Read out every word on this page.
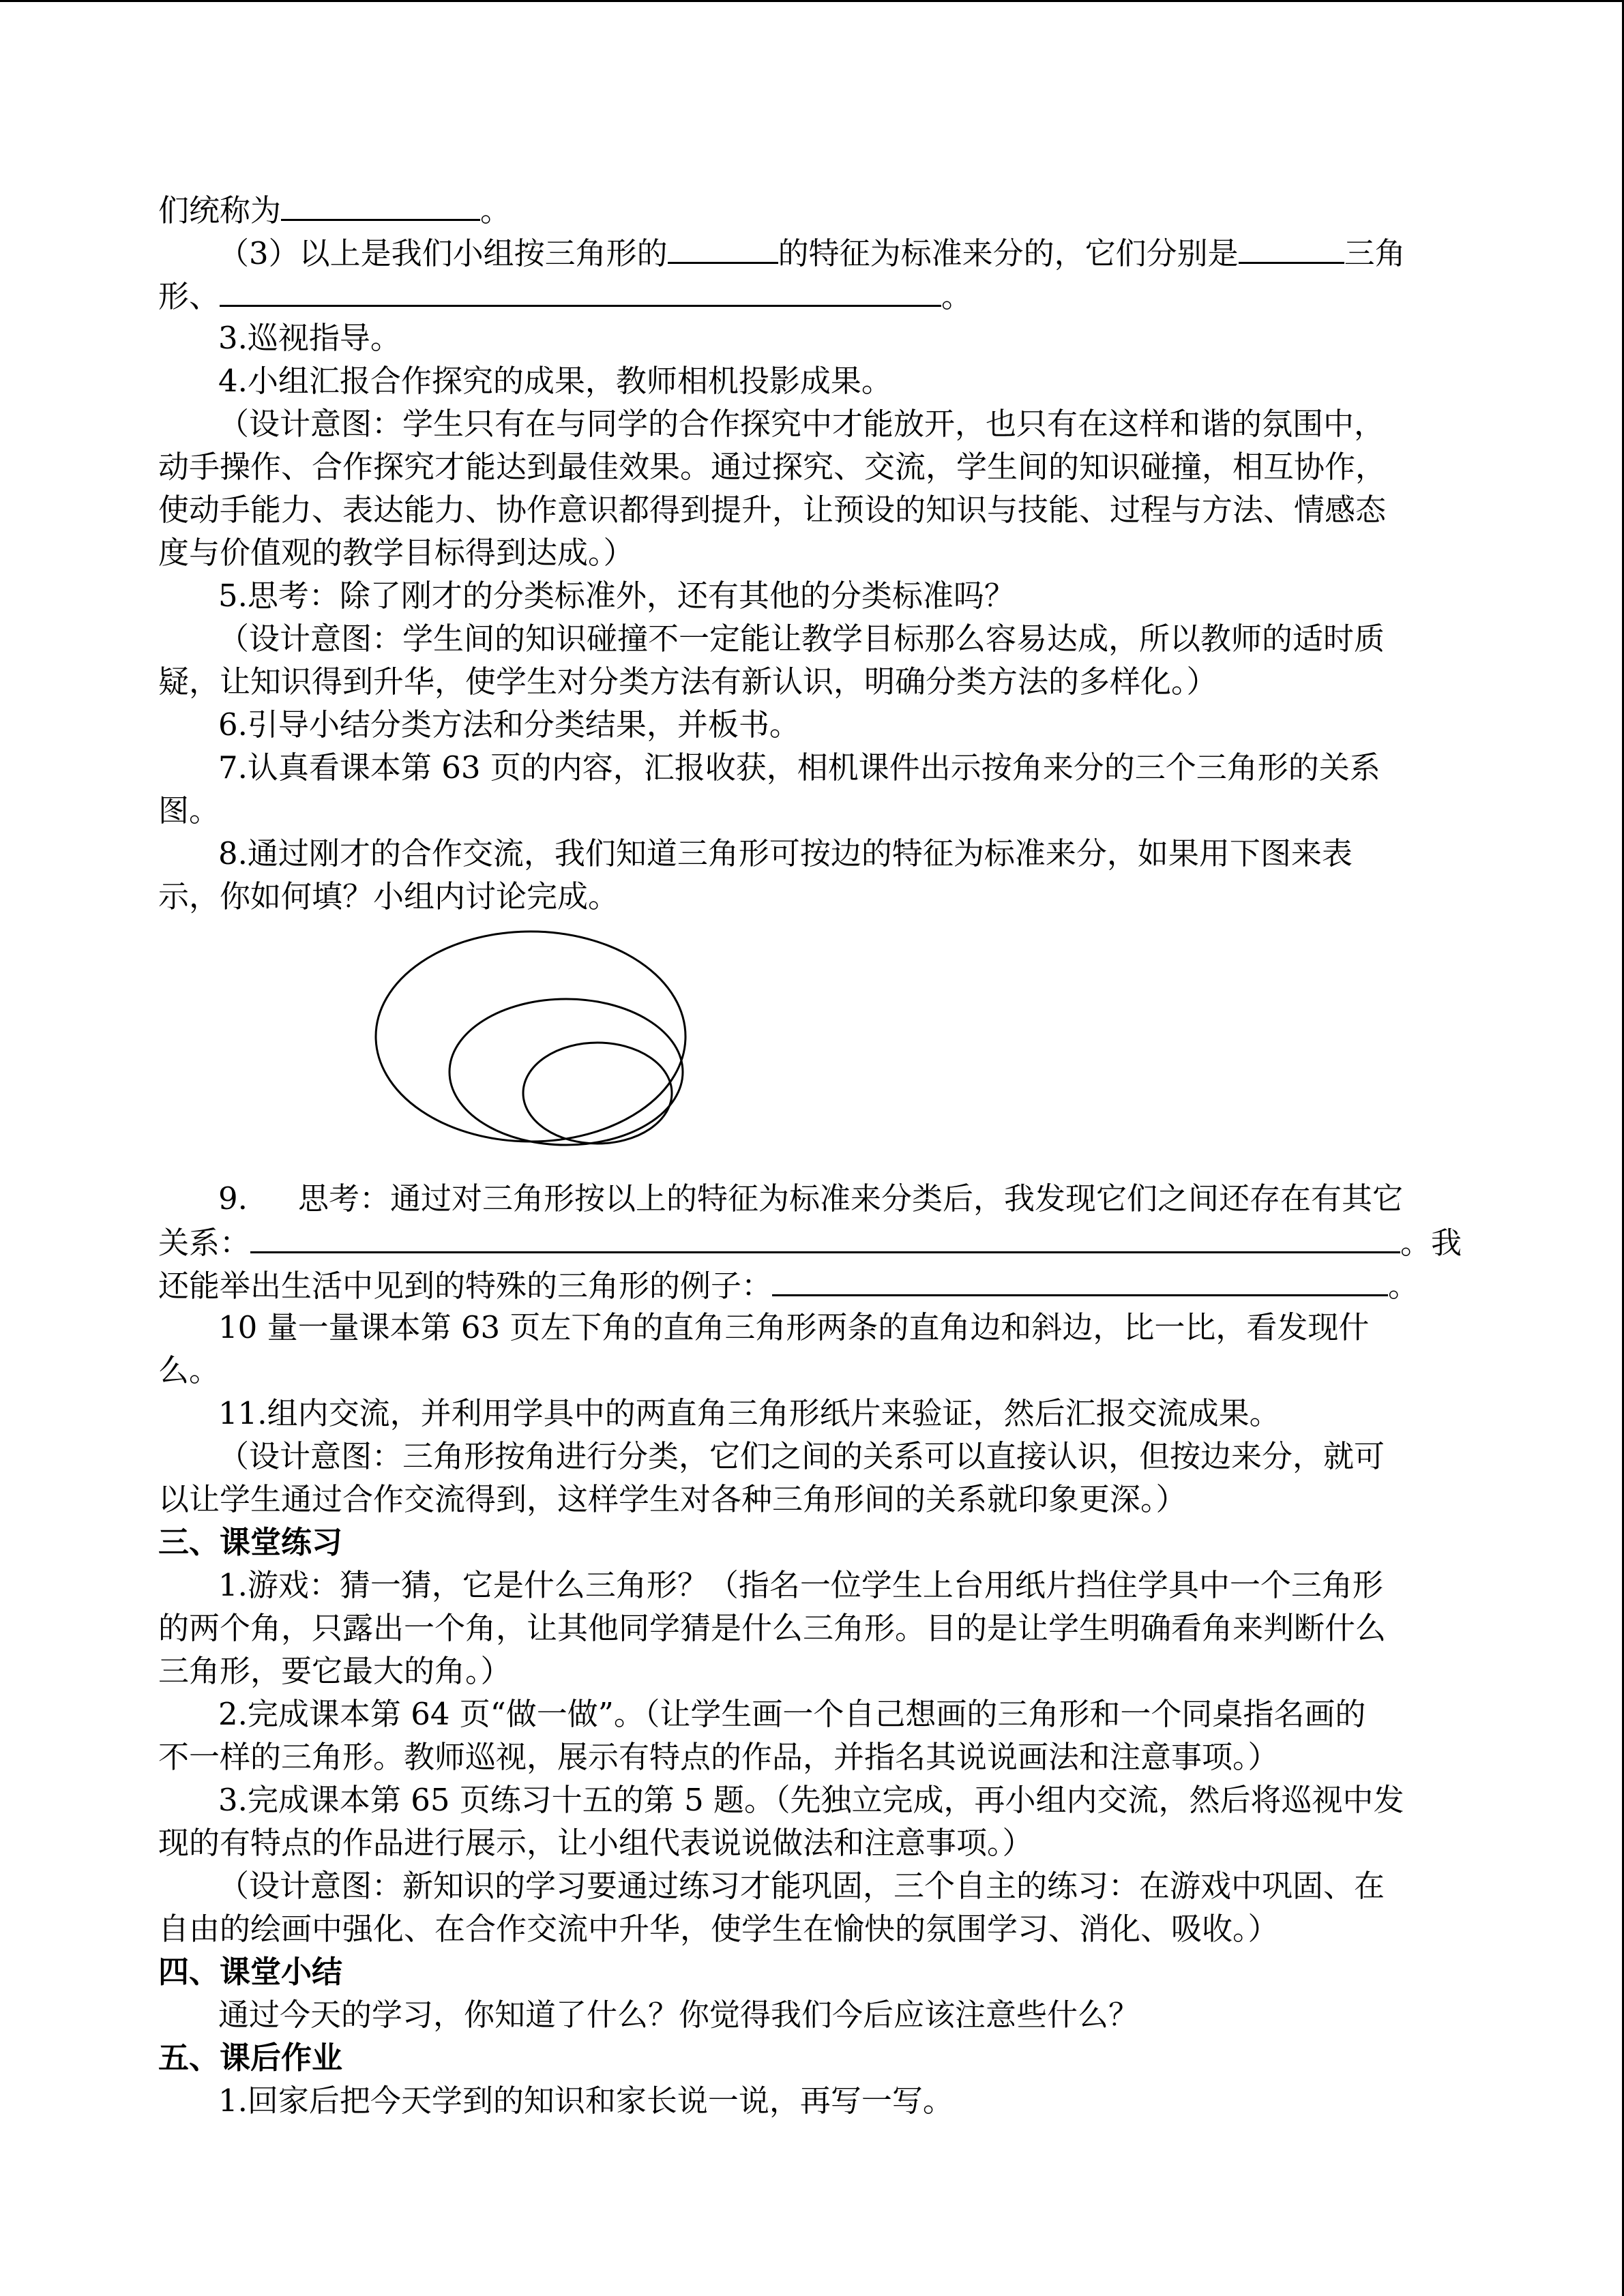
们统称为	。
（3）以上是我们小组按三角形的	的特征为标准来分的，它们分别是	三角
形、	。
3.巡视指导。
4.小组汇报合作探究的成果，教师相机投影成果。
（设计意图：学生只有在与同学的合作探究中才能放开，也只有在这样和谐的氛围中，
动手操作、合作探究才能达到最佳效果。通过探究、交流，学生间的知识碰撞，相互协作，
使动手能力、表达能力、协作意识都得到提升，让预设的知识与技能、过程与方法、情感态
度与价值观的教学目标得到达成。）
5.思考：除了刚才的分类标准外，还有其他的分类标准吗？
（设计意图：学生间的知识碰撞不一定能让教学目标那么容易达成，所以教师的适时质
疑，让知识得到升华，使学生对分类方法有新认识，明确分类方法的多样化。）
6.引导小结分类方法和分类结果，并板书。
7.认真看课本第 63 页的内容，汇报收获，相机课件出示按角来分的三个三角形的关系
图。
8.通过刚才的合作交流，我们知道三角形可按边的特征为标准来分，如果用下图来表
示，你如何填？小组内讨论完成。
9. 思考：通过对三角形按以上的特征为标准来分类后，我发现它们之间还存在有其它
关系：	。我
还能举出生活中见到的特殊的三角形的例子：	。
10 量一量课本第 63 页左下角的直角三角形两条的直角边和斜边，比一比，看发现什
么。
11.组内交流，并利用学具中的两直角三角形纸片来验证，然后汇报交流成果。
（设计意图：三角形按角进行分类，它们之间的关系可以直接认识，但按边来分，就可
以让学生通过合作交流得到，这样学生对各种三角形间的关系就印象更深。）
三、课堂练习
1.游戏：猜一猜，它是什么三角形？（指名一位学生上台用纸片挡住学具中一个三角形
的两个角，只露出一个角，让其他同学猜是什么三角形。目的是让学生明确看角来判断什么
三角形，要它最大的角。）
2.完成课本第 64 页“做一做”。（让学生画一个自己想画的三角形和一个同桌指名画的
不一样的三角形。教师巡视，展示有特点的作品，并指名其说说画法和注意事项。）
3.完成课本第 65 页练习十五的第 5 题。（先独立完成，再小组内交流，然后将巡视中发
现的有特点的作品进行展示，让小组代表说说做法和注意事项。）
（设计意图：新知识的学习要通过练习才能巩固，三个自主的练习：在游戏中巩固、在
自由的绘画中强化、在合作交流中升华，使学生在愉快的氛围学习、消化、吸收。）
四、课堂小结
通过今天的学习，你知道了什么？你觉得我们今后应该注意些什么？
五、课后作业
1.回家后把今天学到的知识和家长说一说，再写一写。
